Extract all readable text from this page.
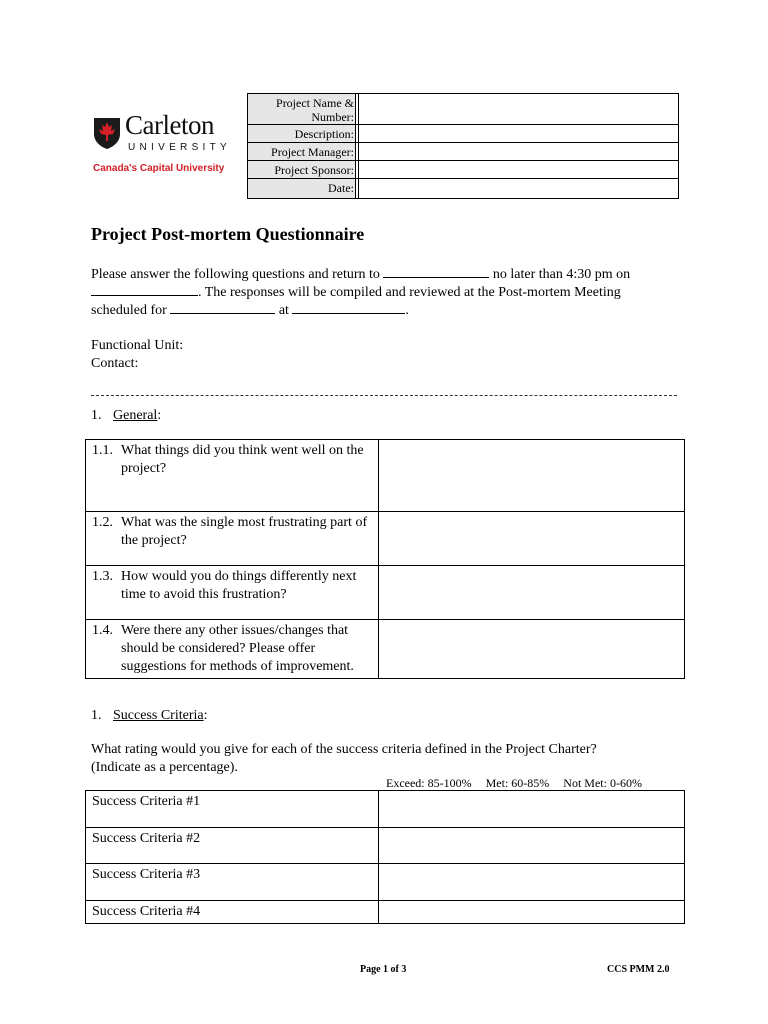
Carleton
UNIVERSITY
Canada's Capital University
Project Name & Number:
Description:
Project Manager:
Project Sponsor:
Date:
Project Post-mortem Questionnaire
Please answer the following questions and return to	no later than 4:30 pm on
. The responses will be compiled and reviewed at the Post-mortem Meeting
scheduled for	at	.
Functional Unit:
Contact:
1. General:
1.1. What things did you think went well on the project?	

1.2. What was the single most frustrating part of the project?	

1.3. How would you do things differently next time to avoid this frustration?	

1.4. Were there any other issues/changes that should be considered? Please offer suggestions for methods of improvement.	

1. Success Criteria:
What rating would you give for each of the success criteria defined in the Project Charter?
(Indicate as a percentage).
Exceed: 85-100% Met: 60-85% Not Met: 0-60%
Success Criteria #1	
Success Criteria #2	
Success Criteria #3	
Success Criteria #4	
Page 1 of 3	CCS PMM 2.0
